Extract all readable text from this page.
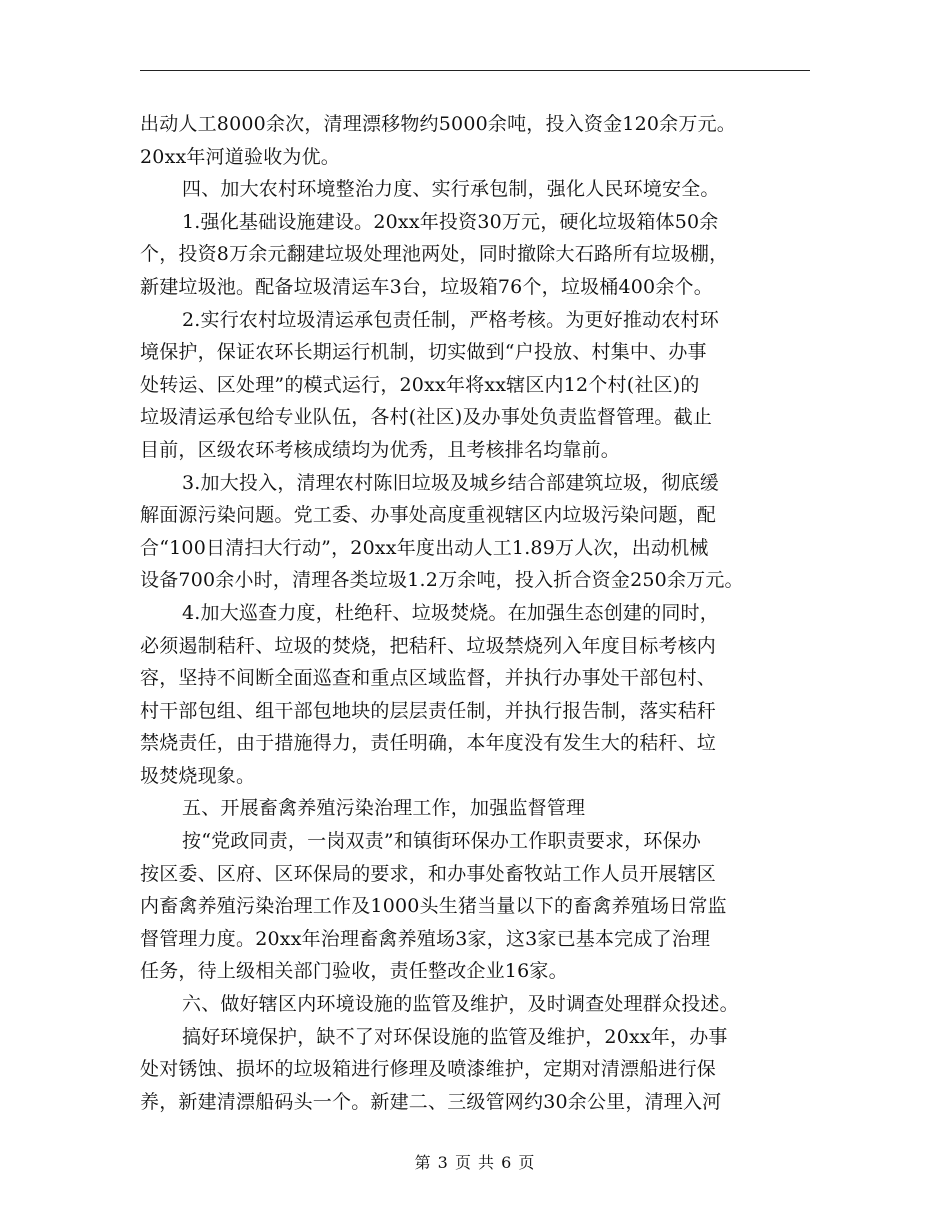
出动人工8000余次，清理漂移物约5000余吨，投入资金120余万元。
20xx年河道验收为优。
四、加大农村环境整治力度、实行承包制，强化人民环境安全。
1.强化基础设施建设。20xx年投资30万元，硬化垃圾箱体50余
个，投资8万余元翻建垃圾处理池两处，同时撤除大石路所有垃圾棚，
新建垃圾池。配备垃圾清运车3台，垃圾箱76个，垃圾桶400余个。
2.实行农村垃圾清运承包责任制，严格考核。为更好推动农村环
境保护，保证农环长期运行机制，切实做到“户投放、村集中、办事
处转运、区处理”的模式运行，20xx年将xx辖区内12个村(社区)的
垃圾清运承包给专业队伍，各村(社区)及办事处负责监督管理。截止
目前，区级农环考核成绩均为优秀，且考核排名均靠前。
3.加大投入，清理农村陈旧垃圾及城乡结合部建筑垃圾，彻底缓
解面源污染问题。党工委、办事处高度重视辖区内垃圾污染问题，配
合“100日清扫大行动”，20xx年度出动人工1.89万人次，出动机械
设备700余小时，清理各类垃圾1.2万余吨，投入折合资金250余万元。
4.加大巡查力度，杜绝秆、垃圾焚烧。在加强生态创建的同时，
必须遏制秸秆、垃圾的焚烧，把秸秆、垃圾禁烧列入年度目标考核内
容，坚持不间断全面巡查和重点区域监督，并执行办事处干部包村、
村干部包组、组干部包地块的层层责任制，并执行报告制，落实秸秆
禁烧责任，由于措施得力，责任明确，本年度没有发生大的秸秆、垃
圾焚烧现象。
五、开展畜禽养殖污染治理工作，加强监督管理
按“党政同责，一岗双责”和镇街环保办工作职责要求，环保办
按区委、区府、区环保局的要求，和办事处畜牧站工作人员开展辖区
内畜禽养殖污染治理工作及1000头生猪当量以下的畜禽养殖场日常监
督管理力度。20xx年治理畜禽养殖场3家，这3家已基本完成了治理
任务，待上级相关部门验收，责任整改企业16家。
六、做好辖区内环境设施的监管及维护，及时调查处理群众投述。
搞好环境保护，缺不了对环保设施的监管及维护，20xx年，办事
处对锈蚀、损坏的垃圾箱进行修理及喷漆维护，定期对清漂船进行保
养，新建清漂船码头一个。新建二、三级管网约30余公里，清理入河
第 3 页 共 6 页
